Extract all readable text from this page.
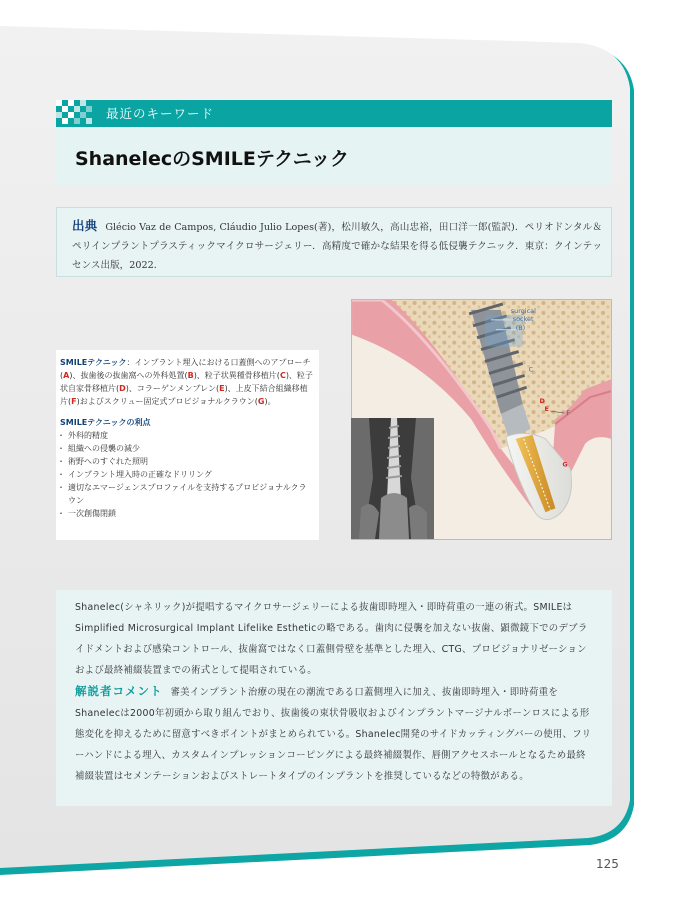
最近のキーワード
ShanelecのSMILEテクニック
出典 Glécio Vaz de Campos, Cláudio Julio Lopes(著)，松川敏久，高山忠裕，田口洋一郎(監訳)．ペリオドンタル＆ペリインプラントプラスティックマイクロサージェリー．高精度で確かな結果を得る低侵襲テクニック．東京：クインテッセンス出版，2022．
SMILEテクニック：インプラント埋入における口蓋側へのアプローチ(A)、抜歯後の抜歯窩への外科処置(B)、粒子状異種骨移植片(C)、粒子状自家骨移植片(D)、コラーゲンメンブレン(E)、上皮下結合組織移植片(F)およびスクリュー固定式プロビジョナルクラウン(G)。
SMILEテクニックの利点
・ 外科的精度
・ 組織への侵襲の減少
・ 術野へのすぐれた照明
・ インプラント埋入時の正確なドリリング
・ 適切なエマージェンスプロファイルを支持するプロビジョナルクラウン
・ 一次創傷閉鎖
surgical
socket
(B)
C
D
E	F
G
Shanelec(シャネリック)が提唱するマイクロサージェリーによる抜歯即時埋入・即時荷重の一連の術式。SMILEはSimplified Microsurgical Implant Lifelike Estheticの略である。歯肉に侵襲を加えない抜歯、顕微鏡下でのデブライドメントおよび感染コントロール、抜歯窩ではなく口蓋側骨壁を基準とした埋入、CTG、プロビジョナリゼーションおよび最終補綴装置までの術式として提唱されている。
解説者コメント 審美インプラント治療の現在の潮流である口蓋側埋入に加え、抜歯即時埋入・即時荷重をShanelecは2000年初頭から取り組んでおり、抜歯後の束状骨吸収およびインプラントマージナルボーンロスによる形態変化を抑えるために留意すべきポイントがまとめられている。Shanelec開発のサイドカッティングバーの使用、フリーハンドによる埋入、カスタムインプレッションコーピングによる最終補綴製作、唇側アクセスホールとなるため最終補綴装置はセメンテーションおよびストレートタイプのインプラントを推奨しているなどの特徴がある。
125
